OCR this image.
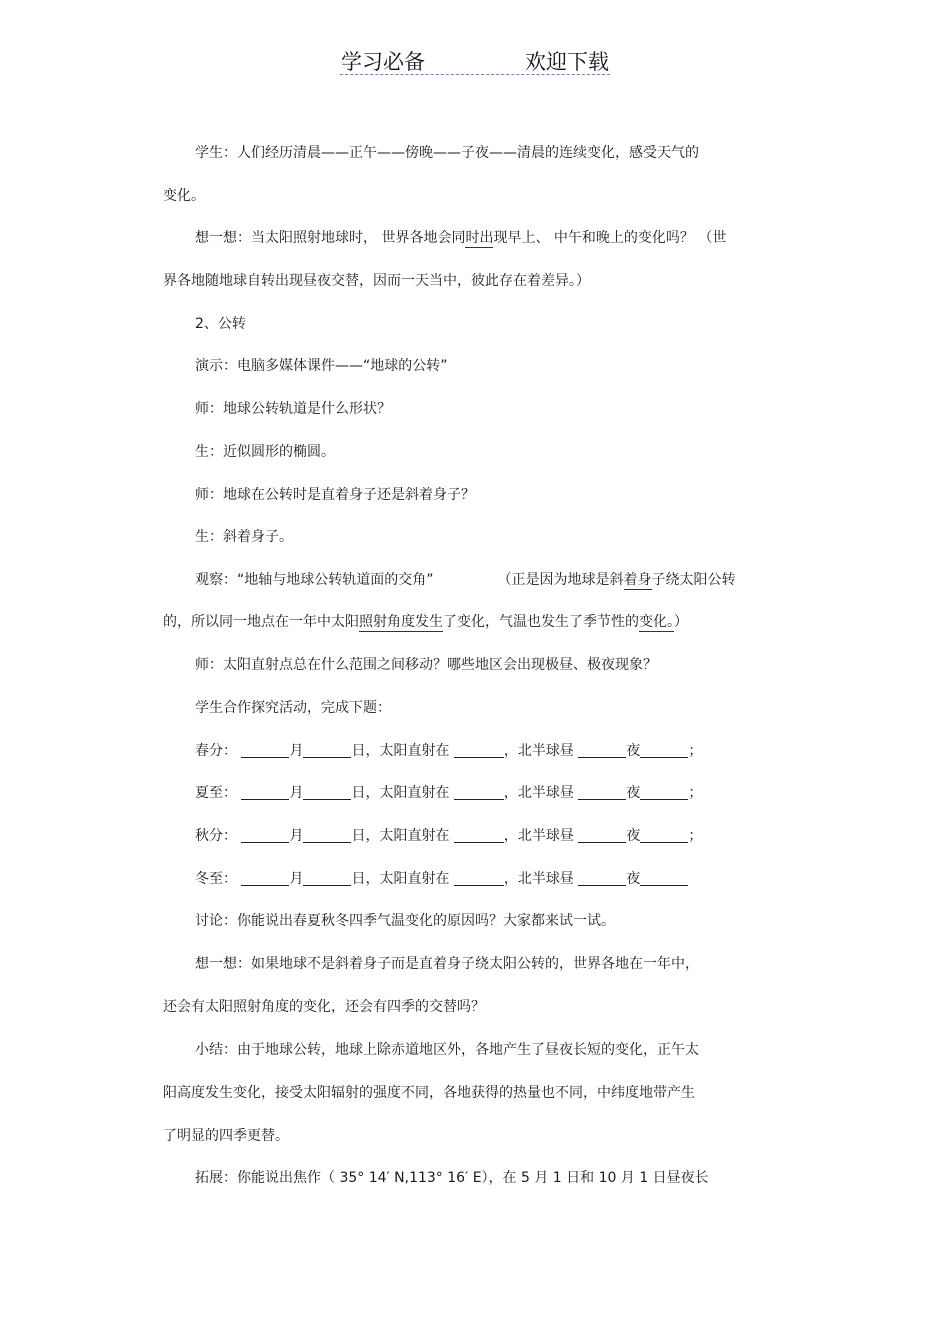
学习必备	欢迎下载
学生：人们经历清晨——正午——傍晚——子夜——清晨的连续变化，感受天气的
变化。
想一想：当太阳照射地球时， 世界各地会同时出现早上、 中午和晚上的变化吗？ （世
界各地随地球自转出现昼夜交替，因而一天当中，彼此存在着差异。）
2、公转
演示：电脑多媒体课件——“地球的公转”
师：地球公转轨道是什么形状？
生：近似圆形的椭圆。
师：地球在公转时是直着身子还是斜着身子？
生：斜着身子。
观察：“地轴与地球公转轨道面的交角”	（正是因为地球是斜着身子绕太阳公转
的，所以同一地点在一年中太阳照射角度发生了变化，气温也发生了季节性的变化。）
师：太阳直射点总在什么范围之间移动？哪些地区会出现极昼、极夜现象？
学生合作探究活动，完成下题：
春分：	月	日，太阳直射在	，北半球昼	夜	；
夏至：	月	日，太阳直射在	，北半球昼	夜	；
秋分：	月	日，太阳直射在	，北半球昼	夜	；
冬至：	月	日，太阳直射在	，北半球昼	夜
讨论：你能说出春夏秋冬四季气温变化的原因吗？大家都来试一试。
想一想：如果地球不是斜着身子而是直着身子绕太阳公转的，世界各地在一年中，
还会有太阳照射角度的变化，还会有四季的交替吗？
小结：由于地球公转，地球上除赤道地区外，各地产生了昼夜长短的变化，正午太
阳高度发生变化，接受太阳辐射的强度不同，各地获得的热量也不同，中纬度地带产生
了明显的四季更替。
拓展：你能说出焦作（ 35° 14′ N,113° 16′ E），在 5 月 1 日和 10 月 1 日昼夜长
